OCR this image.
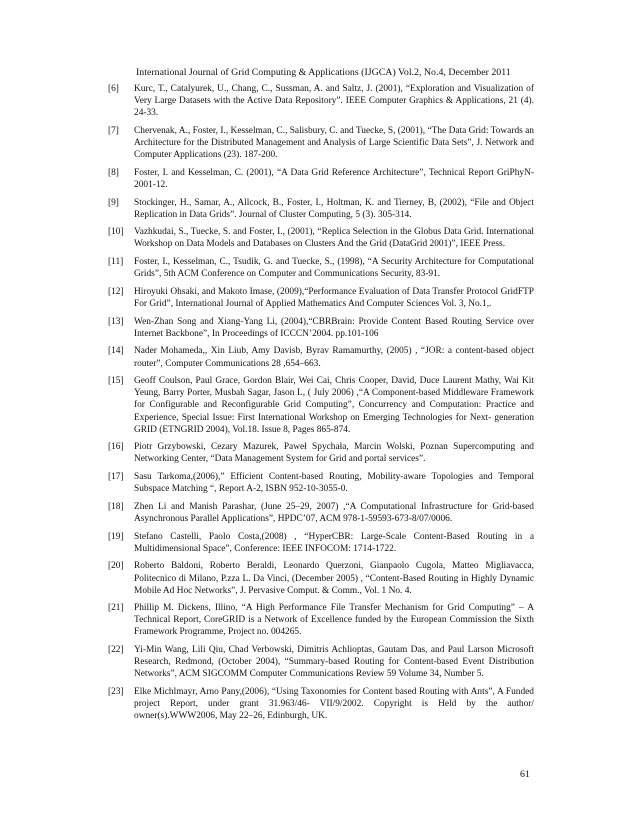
International Journal of Grid Computing & Applications (IJGCA) Vol.2, No.4, December 2011
[6] Kurc, T., Catalyurek, U., Chang, C., Sussman, A. and Saltz, J. (2001), “Exploration and Visualization of Very Large Datasets with the Active Data Repository”. IEEE Computer Graphics & Applications, 21 (4). 24-33.
[7] Chervenak, A., Foster, I., Kesselman, C., Salisbury, C. and Tuecke, S, (2001), “The Data Grid: Towards an Architecture for the Distributed Management and Analysis of Large Scientific Data Sets”, J. Network and Computer Applications (23). 187-200.
[8] Foster, I. and Kesselman, C. (2001), “A Data Grid Reference Architecture”, Technical Report GriPhyN-2001-12.
[9] Stockinger, H., Samar, A., Allcock, B., Foster, I., Holtman, K. and Tierney, B, (2002), “File and Object Replication in Data Grids”. Journal of Cluster Computing, 5 (3). 305-314.
[10] Vazhkudai, S., Tuecke, S. and Foster, I., (2001), “Replica Selection in the Globus Data Grid. International Workshop on Data Models and Databases on Clusters And the Grid (DataGrid 2001)”, IEEE Press.
[11] Foster, I., Kesselman, C., Tsudik, G. and Tuecke, S., (1998), “A Security Architecture for Computational Grids”, 5th ACM Conference on Computer and Communications Security, 83-91.
[12] Hiroyuki Ohsaki, and Makoto Imase, (2009),“Performance Evaluation of Data Transfer Protocol GridFTP For Grid”, International Journal of Applied Mathematics And Computer Sciences Vol. 3, No.1,.
[13] Wen-Zhan Song and Xiang-Yang Li, (2004),“CBRBrain: Provide Content Based Routing Service over Internet Backbone”, In Proceedings of ICCCN’2004. pp.101-106
[14] Nader Mohameda,, Xin Liub, Amy Davisb, Byrav Ramamurthy, (2005) , “JOR: a content-based object router”, Computer Communications 28 ,654–663.
[15] Geoff Coulson, Paul Grace, Gordon Blair, Wei Cai, Chris Cooper, David, Duce Laurent Mathy, Wai Kit Yeung, Barry Porter, Musbah Sagar, Jason L, ( July 2006) ,“A Component-based Middleware Framework for Configurable and Reconfigurable Grid Computing”, Concurrency and Computation: Practice and Experience, Special Issue: First International Workshop on Emerging Technologies for Next- generation GRID (ETNGRID 2004), Vol.18. Issue 8, Pages 865-874.
[16] Piotr Grzybowski, Cezary Mazurek, Paweł Spychała, Marcin Wolski, Poznan Supercomputing and Networking Center, “Data Management System for Grid and portal services”.
[17] Sasu Tarkoma,(2006),” Efficient Content-based Routing, Mobility-aware Topologies and Temporal Subspace Matching “, Report A-2, ISBN 952-10-3055-0.
[18] Zhen Li and Manish Parashar, (June 25–29, 2007) ,“A Computational Infrastructure for Grid-based Asynchronous Parallel Applications”, HPDC’07, ACM 978-1-59593-673-8/07/0006.
[19] Stefano Castelli, Paolo Costa,(2008) , “HyperCBR: Large-Scale Content-Based Routing in a Multidimensional Space”, Conference: IEEE INFOCOM: 1714-1722.
[20] Roberto Baldoni, Roberto Beraldi, Leonardo Querzoni, Gianpaolo Cugola, Matteo Migliavacca, Politecnico di Milano, P.zza L. Da Vinci, (December 2005) , “Content-Based Routing in Highly Dynamic Mobile Ad Hoc Networks”, J. Pervasive Comput. & Comm., Vol. 1 No. 4.
[21] Phillip M. Dickens, Illino, “A High Performance File Transfer Mechanism for Grid Computing” – A Technical Report, CoreGRID is a Network of Excellence funded by the European Commission the Sixth Framework Programme, Project no. 004265.
[22] Yi-Min Wang, Lili Qiu, Chad Verbowski, Dimitris Achlioptas, Gautam Das, and Paul Larson Microsoft Research, Redmond, (October 2004), “Summary-based Routing for Content-based Event Distribution Networks”, ACM SIGCOMM Computer Communications Review 59 Volume 34, Number 5.
[23] Elke Michlmayr, Arno Pany,(2006), “Using Taxonomies for Content based Routing with Ants”, A Funded project Report, under grant 31.963/46- VII/9/2002. Copyright is Held by the author/ owner(s).WWW2006, May 22–26, Edinburgh, UK.
61
